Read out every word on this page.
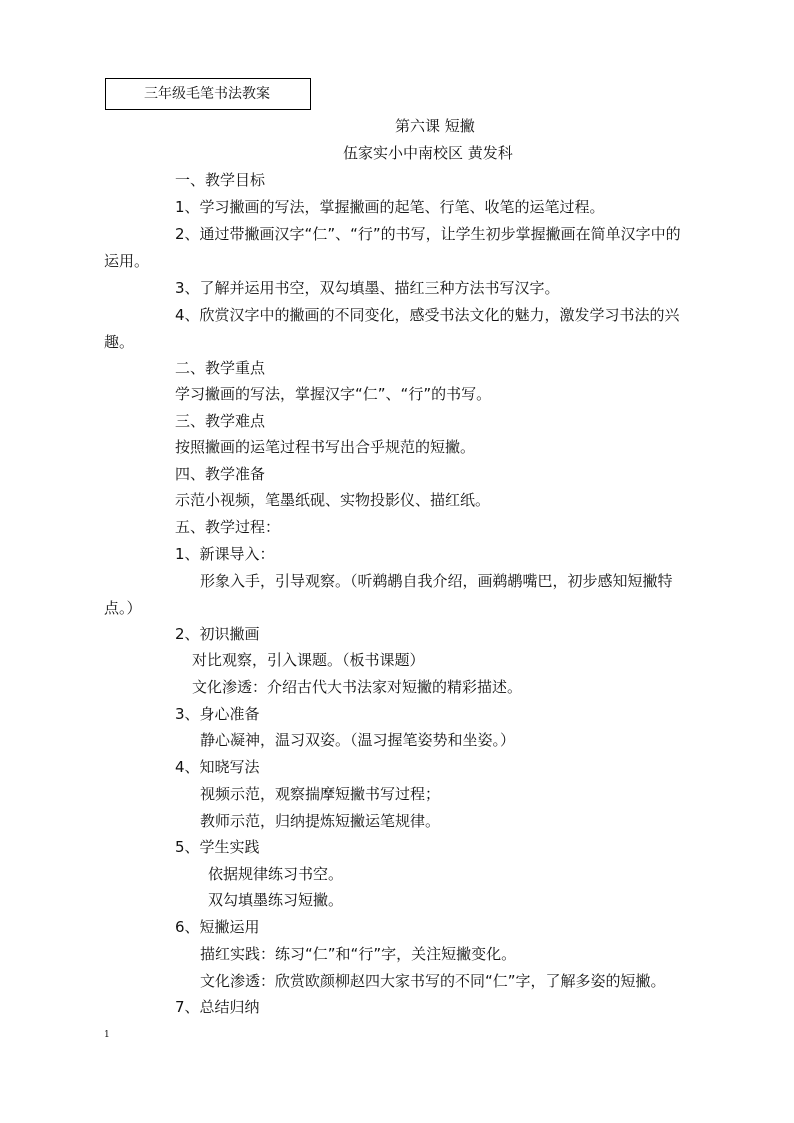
三年级毛笔书法教案
第六课 短撇
伍家实小中南校区 黄发科
一、教学目标
1、学习撇画的写法，掌握撇画的起笔、行笔、收笔的运笔过程。
2、通过带撇画汉字“仁”、“行”的书写，让学生初步掌握撇画在简单汉字中的
运用。
3、了解并运用书空，双勾填墨、描红三种方法书写汉字。
4、欣赏汉字中的撇画的不同变化，感受书法文化的魅力，激发学习书法的兴
趣。
二、教学重点
学习撇画的写法，掌握汉字“仁”、“行”的书写。
三、教学难点
按照撇画的运笔过程书写出合乎规范的短撇。
四、教学准备
示范小视频，笔墨纸砚、实物投影仪、描红纸。
五、教学过程：
1、新课导入：
形象入手，引导观察。（听鹈鹕自我介绍，画鹈鹕嘴巴，初步感知短撇特
点。）
2、初识撇画
对比观察，引入课题。（板书课题）
文化渗透：介绍古代大书法家对短撇的精彩描述。
3、身心准备
静心凝神，温习双姿。（温习握笔姿势和坐姿。）
4、知晓写法
视频示范，观察揣摩短撇书写过程；
教师示范，归纳提炼短撇运笔规律。
5、学生实践
依据规律练习书空。
双勾填墨练习短撇。
6、短撇运用
描红实践：练习“仁”和“行”字，关注短撇变化。
文化渗透：欣赏欧颜柳赵四大家书写的不同“仁”字，了解多姿的短撇。
7、总结归纳
1
